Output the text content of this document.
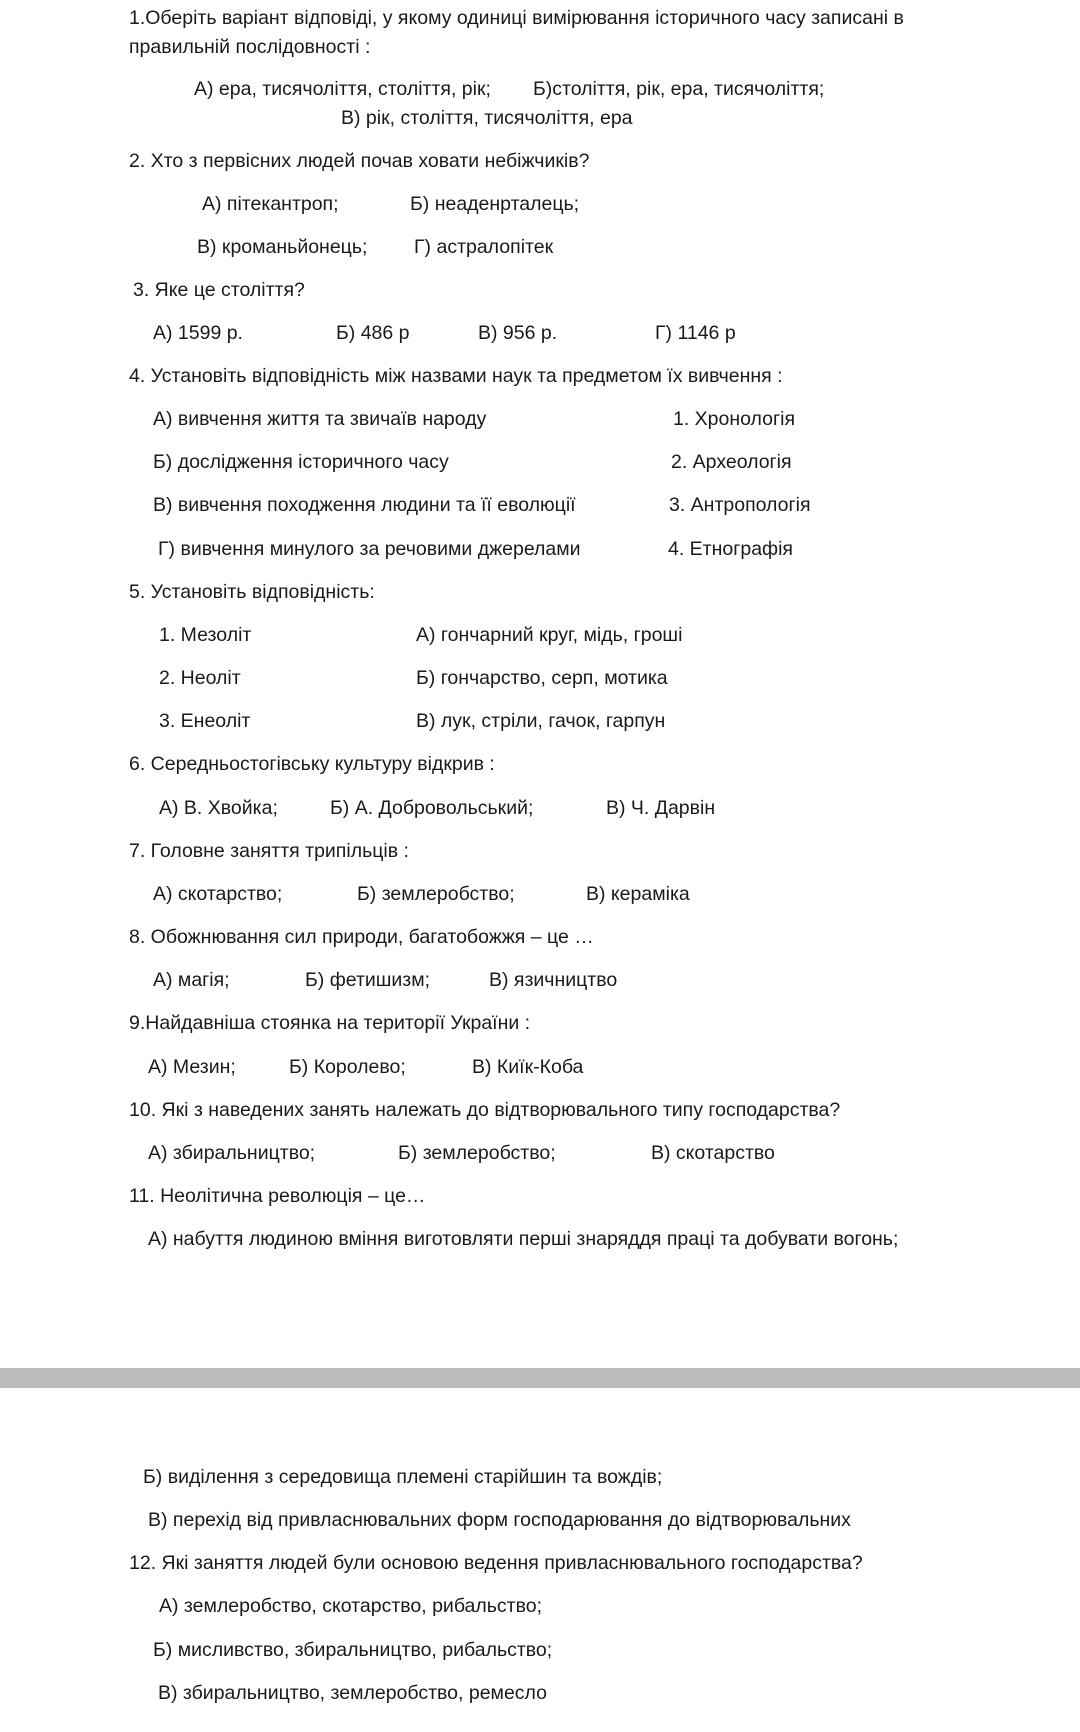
1.Оберіть варіант відповіді, у якому одиниці вимірювання історичного часу записані в
правильній послідовності :
А) ера, тисячоліття, століття, рік; Б)століття, рік, ера, тисячоліття;
В) рік, століття, тисячоліття, ера
2. Хто з первісних людей почав ховати небіжчиків?
А) пітекантроп;	Б) неаденрталець;
В) кроманьйонець; Г) астралопітек
3. Яке це століття?
А) 1599 р.	Б) 486 р	В) 956 р.	Г) 1146 р
4. Установіть відповідність між назвами наук та предметом їх вивчення :
А) вивчення життя та звичаїв народу	1. Хронологія
Б) дослідження історичного часу	2. Археологія
В) вивчення походження людини та її еволюції	3. Антропологія
Г) вивчення минулого за речовими джерелами	4. Етнографія
5. Установіть відповідність:
1. Мезоліт	А) гончарний круг, мідь, гроші
2. Неоліт	Б) гончарство, серп, мотика
3. Енеоліт	В) лук, стріли, гачок, гарпун
6. Середньостогівську культуру відкрив :
А) В. Хвойка;	Б) А. Добровольський;	В) Ч. Дарвін
7. Головне заняття трипільців :
А) скотарство;	Б) землеробство;	В) кераміка
8. Обожнювання сил природи, багатобожжя – це …
А) магія;	Б) фетишизм;	В) язичництво
9.Найдавніша стоянка на території України :
А) Мезин;	Б) Королево;	В) Киїк-Коба
10. Які з наведених занять належать до відтворювального типу господарства?
А) збиральництво;	Б) землеробство;	В) скотарство
11. Неолітична революція – це…
А) набуття людиною вміння виготовляти перші знаряддя праці та добувати вогонь;
Б) виділення з середовища племені старійшин та вождів;
В) перехід від привласнювальних форм господарювання до відтворювальних
12. Які заняття людей були основою ведення привласнювального господарства?
А) землеробство, скотарство, рибальство;
Б) мисливство, збиральництво, рибальство;
В) збиральництво, землеробство, ремесло
